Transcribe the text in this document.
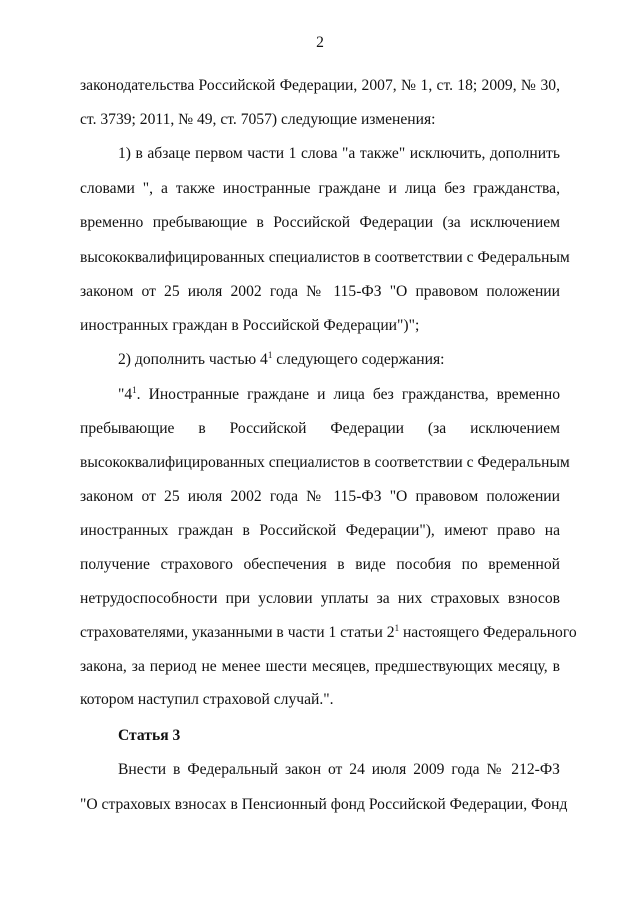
2
законодательства Российской Федерации, 2007, № 1, ст. 18; 2009, № 30,
ст. 3739; 2011, № 49, ст. 7057) следующие изменения:
1) в абзаце первом части 1 слова "а также" исключить, дополнить
словами ", а также иностранные граждане и лица без гражданства,
временно пребывающие в Российской Федерации (за исключением
высококвалифицированных специалистов в соответствии с Федеральным
законом от 25 июля 2002 года № 115-ФЗ "О правовом положении
иностранных граждан в Российской Федерации")";
2) дополнить частью $4^1$ следующего содержания:
"$4^1$. Иностранные граждане и лица без гражданства, временно
пребывающие в Российской Федерации (за исключением
высококвалифицированных специалистов в соответствии с Федеральным
законом от 25 июля 2002 года № 115-ФЗ "О правовом положении
иностранных граждан в Российской Федерации"), имеют право на
получение страхового обеспечения в виде пособия по временной
нетрудоспособности при условии уплаты за них страховых взносов
страхователями, указанными в части 1 статьи $2^1$ настоящего Федерального
закона, за период не менее шести месяцев, предшествующих месяцу, в
котором наступил страховой случай.".
Статья 3
Внести в Федеральный закон от 24 июля 2009 года № 212-ФЗ
"О страховых взносах в Пенсионный фонд Российской Федерации, Фонд
